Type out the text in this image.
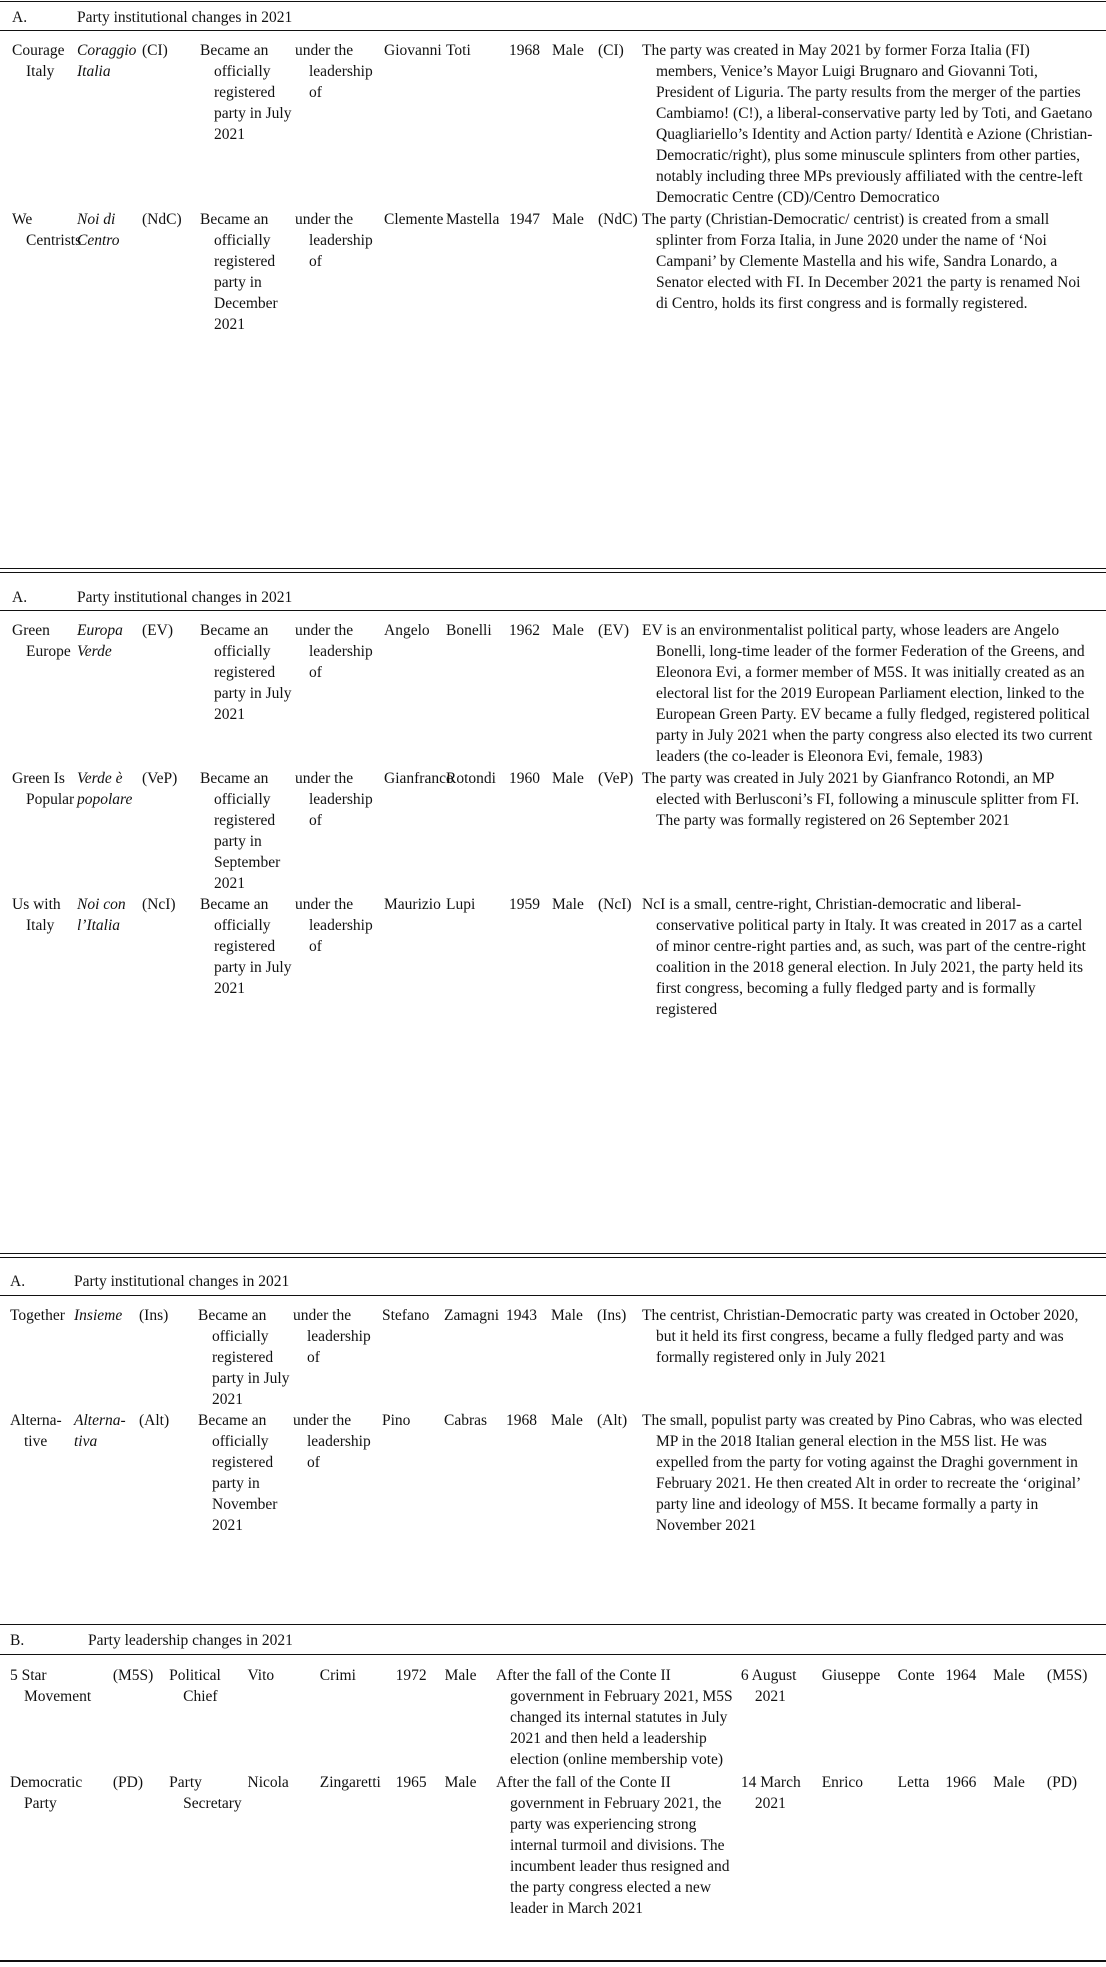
A.	Party institutional changes in 2021
Courage Italy	Coraggio Italia	(CI)	Became an officially registered party in July 2021	under the leadership of	Giovanni	Toti	1968	Male	(CI)	The party was created in May 2021 by former Forza Italia (FI) members, Venice’s Mayor Luigi Brugnaro and Giovanni Toti, President of Liguria. The party results from the merger of the parties Cambiamo! (C!), a liberal-conservative party led by Toti, and Gaetano Quagliariello’s Identity and Action party/ Identità e Azione (Christian-Democratic/right), plus some minuscule splinters from other parties, notably including three MPs previously affiliated with the centre-left Democratic Centre (CD)/Centro Democratico
We Centrists	Noi di Centro	(NdC)	Became an officially registered party in December 2021	under the leadership of	Clemente	Mastella	1947	Male	(NdC)	The party (Christian-Democratic/ centrist) is created from a small splinter from Forza Italia, in June 2020 under the name of ‘Noi Campani’ by Clemente Mastella and his wife, Sandra Lonardo, a Senator elected with FI. In December 2021 the party is renamed Noi di Centro, holds its first congress and is formally registered.
A.	Party institutional changes in 2021
Green Europe	Europa Verde	(EV)	Became an officially registered party in July 2021	under the leadership of	Angelo	Bonelli	1962	Male	(EV)	EV is an environmentalist political party, whose leaders are Angelo Bonelli, long-time leader of the former Federation of the Greens, and Eleonora Evi, a former member of M5S. It was initially created as an electoral list for the 2019 European Parliament election, linked to the European Green Party. EV became a fully fledged, registered political party in July 2021 when the party congress also elected its two current leaders (the co-leader is Eleonora Evi, female, 1983)
Green Is Popular	Verde è popolare	(VeP)	Became an officially registered party in September 2021	under the leadership of	Gianfranco	Rotondi	1960	Male	(VeP)	The party was created in July 2021 by Gianfranco Rotondi, an MP elected with Berlusconi’s FI, following a minuscule splitter from FI. The party was formally registered on 26 September 2021
Us with Italy	Noi con l’Italia	(NcI)	Became an officially registered party in July 2021	under the leadership of	Maurizio	Lupi	1959	Male	(NcI)	NcI is a small, centre-right, Christian-democratic and liberal-conservative political party in Italy. It was created in 2017 as a cartel of minor centre-right parties and, as such, was part of the centre-right coalition in the 2018 general election. In July 2021, the party held its first congress, becoming a fully fledged party and is formally registered
A.	Party institutional changes in 2021
Together	Insieme	(Ins)	Became an officially registered party in July 2021	under the leadership of	Stefano	Zamagni	1943	Male	(Ins)	The centrist, Christian-Democratic party was created in October 2020, but it held its first congress, became a fully fledged party and was formally registered only in July 2021
Alterna- tive	Alterna- tiva	(Alt)	Became an officially registered party in November 2021	under the leadership of	Pino	Cabras	1968	Male	(Alt)	The small, populist party was created by Pino Cabras, who was elected MP in the 2018 Italian general election in the M5S list. He was expelled from the party for voting against the Draghi government in February 2021. He then created Alt in order to recreate the ‘original’ party line and ideology of M5S. It became formally a party in November 2021
B.	Party leadership changes in 2021
5 Star Movement	(M5S)	Political Chief	Vito	Crimi	1972	Male	After the fall of the Conte II government in February 2021, M5S changed its internal statutes in July 2021 and then held a leadership election (online membership vote)	6 August 2021	Giuseppe	Conte	1964	Male	(M5S)
Democratic Party	(PD)	Party Secretary	Nicola	Zingaretti	1965	Male	After the fall of the Conte II government in February 2021, the party was experiencing strong internal turmoil and divisions. The incumbent leader thus resigned and the party congress elected a new leader in March 2021	14 March 2021	Enrico	Letta	1966	Male	(PD)
